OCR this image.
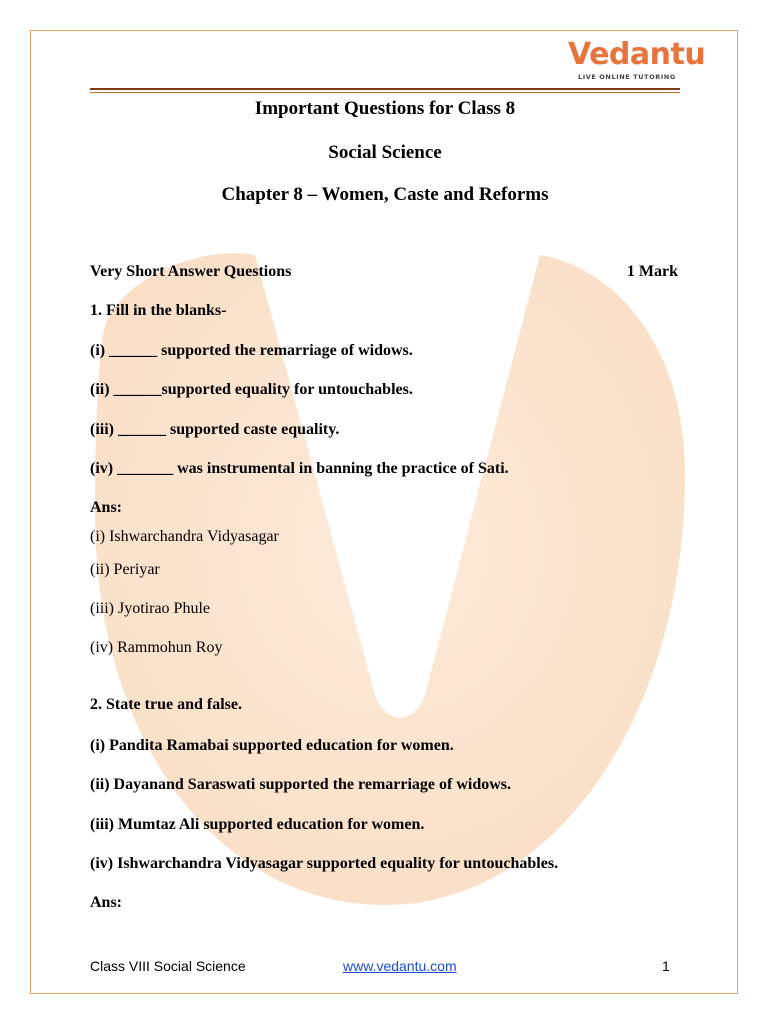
Vedantu
LIVE ONLINE TUTORING
Important Questions for Class 8
Social Science
Chapter 8 – Women, Caste and Reforms
Very Short Answer Questions	1 Mark
1. Fill in the blanks-
(i) ______ supported the remarriage of widows.
(ii) ______supported equality for untouchables.
(iii) ______ supported caste equality.
(iv) _______ was instrumental in banning the practice of Sati.
Ans:
(i) Ishwarchandra Vidyasagar
(ii) Periyar
(iii) Jyotirao Phule
(iv) Rammohun Roy
2. State true and false.
(i) Pandita Ramabai supported education for women.
(ii) Dayanand Saraswati supported the remarriage of widows.
(iii) Mumtaz Ali supported education for women.
(iv) Ishwarchandra Vidyasagar supported equality for untouchables.
Ans:
Class VIII Social Science	www.vedantu.com	1
